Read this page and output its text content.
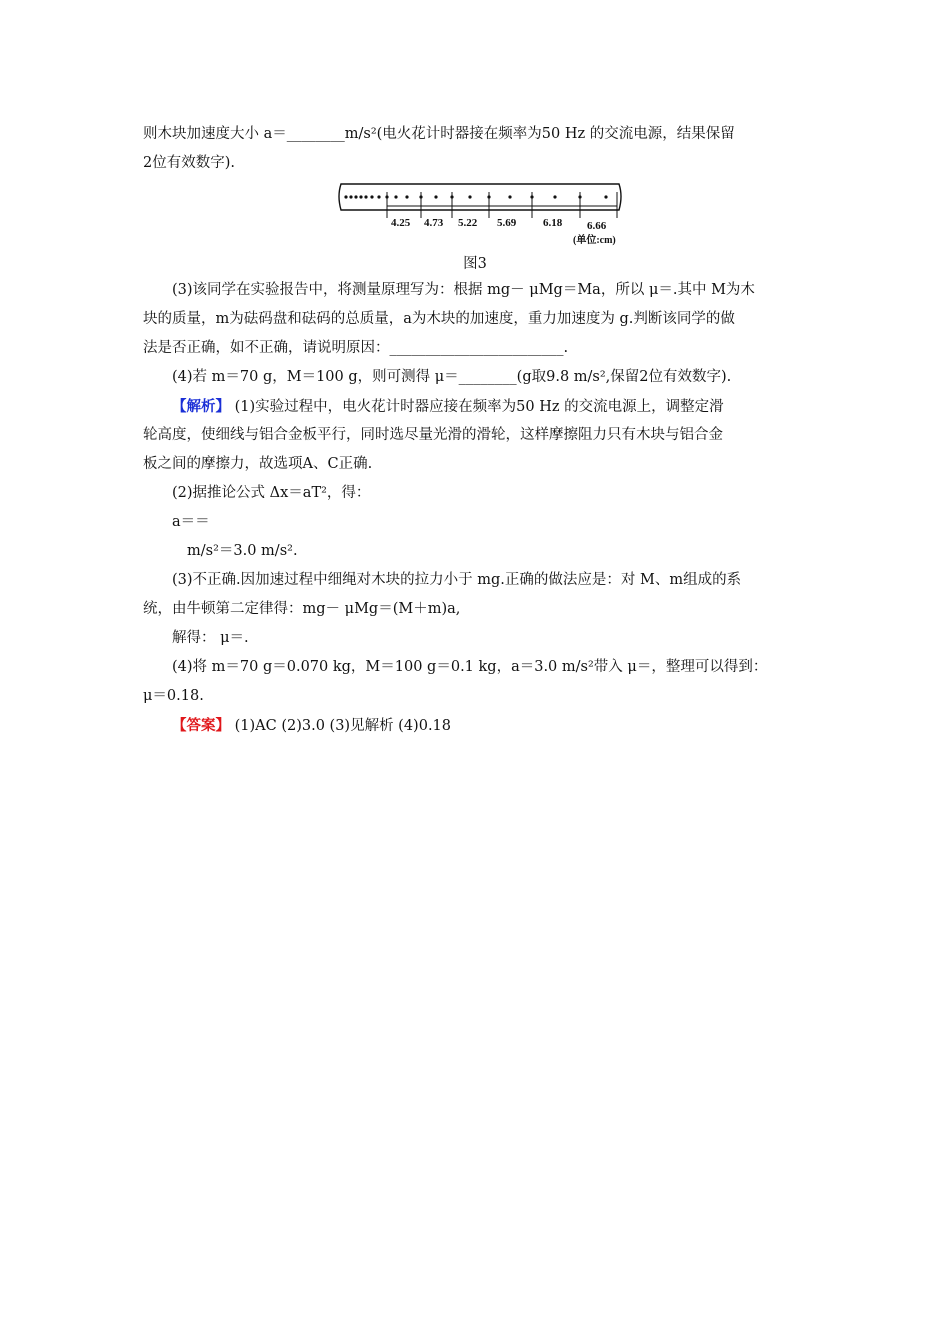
则木块加速度大小 a＝________m/s²(电火花计时器接在频率为50 Hz 的交流电源，结果保留
2位有效数字).
4.25 4.73 5.22 5.69 6.18 6.66
(单位:cm)
图3
(3)该同学在实验报告中，将测量原理写为：根据 mg－ μMg＝Ma，所以 μ＝.其中 M为木
块的质量，m为砝码盘和砝码的总质量，a为木块的加速度，重力加速度为 g.判断该同学的做
法是否正确，如不正确，请说明原因：________________________.
(4)若 m＝70 g，M＝100 g，则可测得 μ＝________(g取9.8 m/s²,保留2位有效数字).
【解析】 (1)实验过程中，电火花计时器应接在频率为50 Hz 的交流电源上，调整定滑
轮高度，使细线与铝合金板平行，同时选尽量光滑的滑轮，这样摩擦阻力只有木块与铝合金
板之间的摩擦力，故选项A、C正确.
(2)据推论公式 Δx＝aT²，得：
a＝＝
m/s²＝3.0 m/s².
(3)不正确.因加速过程中细绳对木块的拉力小于 mg.正确的做法应是：对 M、m组成的系
统，由牛顿第二定律得：mg－ μMg＝(M＋m)a,
解得： μ＝.
(4)将 m＝70 g＝0.070 kg，M＝100 g＝0.1 kg，a＝3.0 m/s²带入 μ＝，整理可以得到：
μ＝0.18.
【答案】 (1)AC (2)3.0 (3)见解析 (4)0.18
